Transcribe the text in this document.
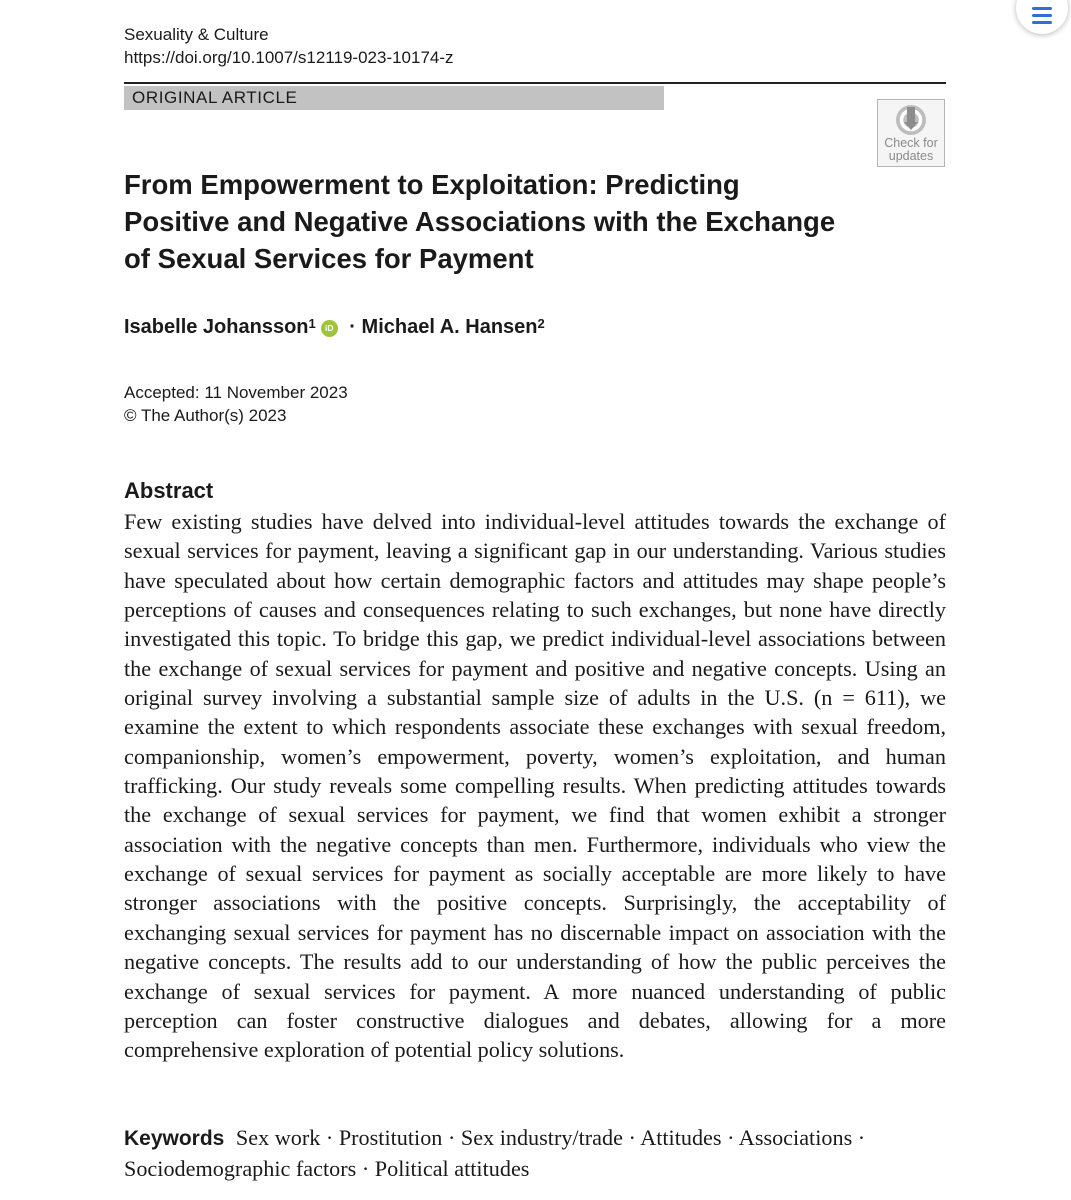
Sexuality & Culture
https://doi.org/10.1007/s12119-023-10174-z
ORIGINAL ARTICLE
Check for
updates
From Empowerment to Exploitation: Predicting Positive and Negative Associations with the Exchange of Sexual Services for Payment
Isabelle Johansson$^1$ iD · Michael A. Hansen$^2$
Accepted: 11 November 2023
© The Author(s) 2023
Abstract

Few existing studies have delved into individual-level attitudes towards the exchange of sexual services for payment, leaving a significant gap in our understanding. Various studies have speculated about how certain demographic factors and attitudes may shape people’s perceptions of causes and consequences relating to such exchanges, but none have directly investigated this topic. To bridge this gap, we predict individual-level associations between the exchange of sexual services for payment and positive and negative concepts. Using an original survey involving a substantial sample size of adults in the U.S. (n = 611), we examine the extent to which respondents associate these exchanges with sexual freedom, companionship, women’s empowerment, poverty, women’s exploitation, and human trafficking. Our study reveals some compelling results. When predicting attitudes towards the exchange of sexual services for payment, we find that women exhibit a stronger association with the negative concepts than men. Furthermore, individuals who view the exchange of sexual services for payment as socially acceptable are more likely to have stronger associations with the positive concepts. Surprisingly, the acceptability of exchanging sexual services for payment has no discernable impact on association with the negative concepts. The results add to our understanding of how the public perceives the exchange of sexual services for payment. A more nuanced understanding of public perception can foster constructive dialogues and debates, allowing for a more comprehensive exploration of potential policy solutions.

Keywords Sex work · Prostitution · Sex industry/trade · Attitudes · Associations · Sociodemographic factors · Political attitudes
